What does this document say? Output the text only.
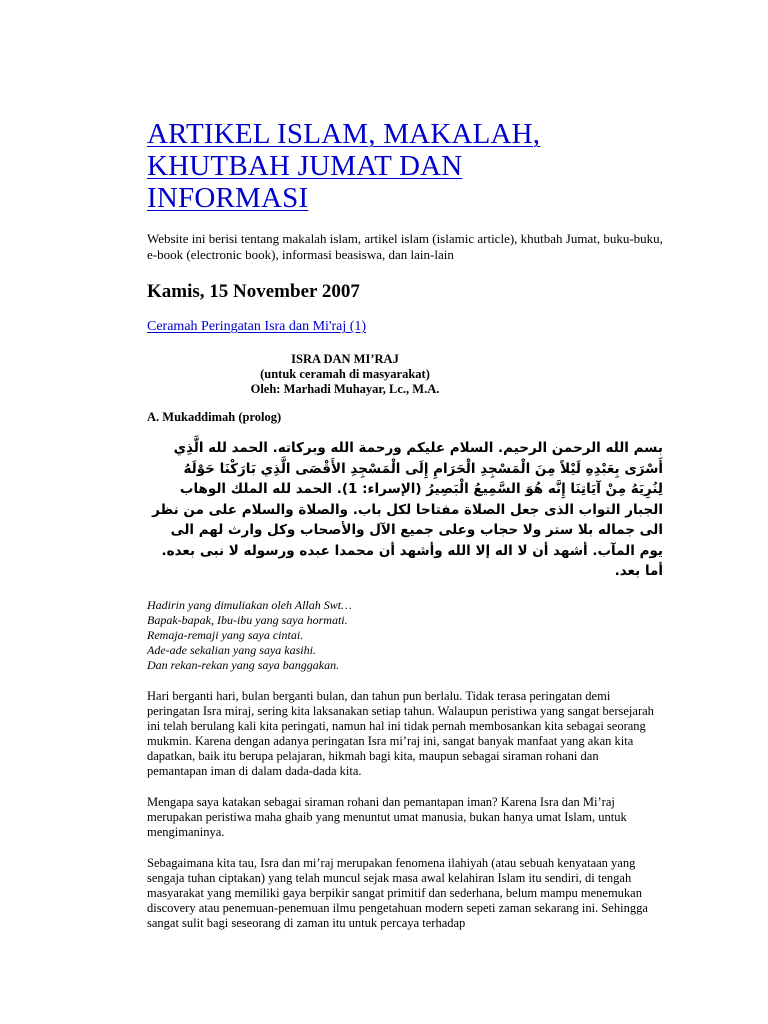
ARTIKEL ISLAM, MAKALAH,
KHUTBAH JUMAT DAN
INFORMASI
Website ini berisi tentang makalah islam, artikel islam (islamic article), khutbah Jumat, buku-buku, e-book (electronic book), informasi beasiswa, dan lain-lain
Kamis, 15 November 2007
Ceramah Peringatan Isra dan Mi'raj (1)
ISRA DAN MI’RAJ
(untuk ceramah di masyarakat)
Oleh: Marhadi Muhayar, Lc., M.A.
A. Mukaddimah (prolog)
بسم الله الرحمن الرحيم. السلام عليكم ورحمة الله وبركاته. الحمد لله الَّذِي أَسْرَى بِعَبْدِهِ لَيْلاً مِنَ الْمَسْجِدِ الْحَرَامِ إِلَى الْمَسْجِدِ الأَقْصَى الَّذِي بَارَكْنَا حَوْلَهُ لِنُرِيَهُ مِنْ آيَاتِنَا إِنَّه هُوَ السَّمِيعُ الْبَصِيرُ (الإسراء: 1). الحمد لله الملك الوهاب الجبار التواب الذى جعل الصلاة مفتاحا لكل باب. والصلاة والسلام على من نظر الى جماله بلا ستر ولا حجاب وعلى جميع الآل والأصحاب وكل وارث لهم الى يوم المآب. أشهد أن لا اله إلا الله وأشهد أن محمدا عبده ورسوله لا نبى بعده. أما بعد.
Hadirin yang dimuliakan oleh Allah Swt…
Bapak-bapak, Ibu-ibu yang saya hormati.
Remaja-remaji yang saya cintai.
Ade-ade sekalian yang saya kasihi.
Dan rekan-rekan yang saya banggakan.
Hari berganti hari, bulan berganti bulan, dan tahun pun berlalu. Tidak terasa peringatan demi peringatan Isra miraj, sering kita laksanakan setiap tahun. Walaupun peristiwa yang sangat bersejarah ini telah berulang kali kita peringati, namun hal ini tidak pernah membosankan kita sebagai seorang mukmin. Karena dengan adanya peringatan Isra mi’raj ini, sangat banyak manfaat yang akan kita dapatkan, baik itu berupa pelajaran, hikmah bagi kita, maupun sebagai siraman rohani dan pemantapan iman di dalam dada-dada kita.
Mengapa saya katakan sebagai siraman rohani dan pemantapan iman? Karena Isra dan Mi’raj merupakan peristiwa maha ghaib yang menuntut umat manusia, bukan hanya umat Islam, untuk mengimaninya.
Sebagaimana kita tau, Isra dan mi’raj merupakan fenomena ilahiyah (atau sebuah kenyataan yang sengaja tuhan ciptakan) yang telah muncul sejak masa awal kelahiran Islam itu sendiri, di tengah masyarakat yang memiliki gaya berpikir sangat primitif dan sederhana, belum mampu menemukan discovery atau penemuan-penemuan ilmu pengetahuan modern sepeti zaman sekarang ini. Sehingga sangat sulit bagi seseorang di zaman itu untuk percaya terhadap
